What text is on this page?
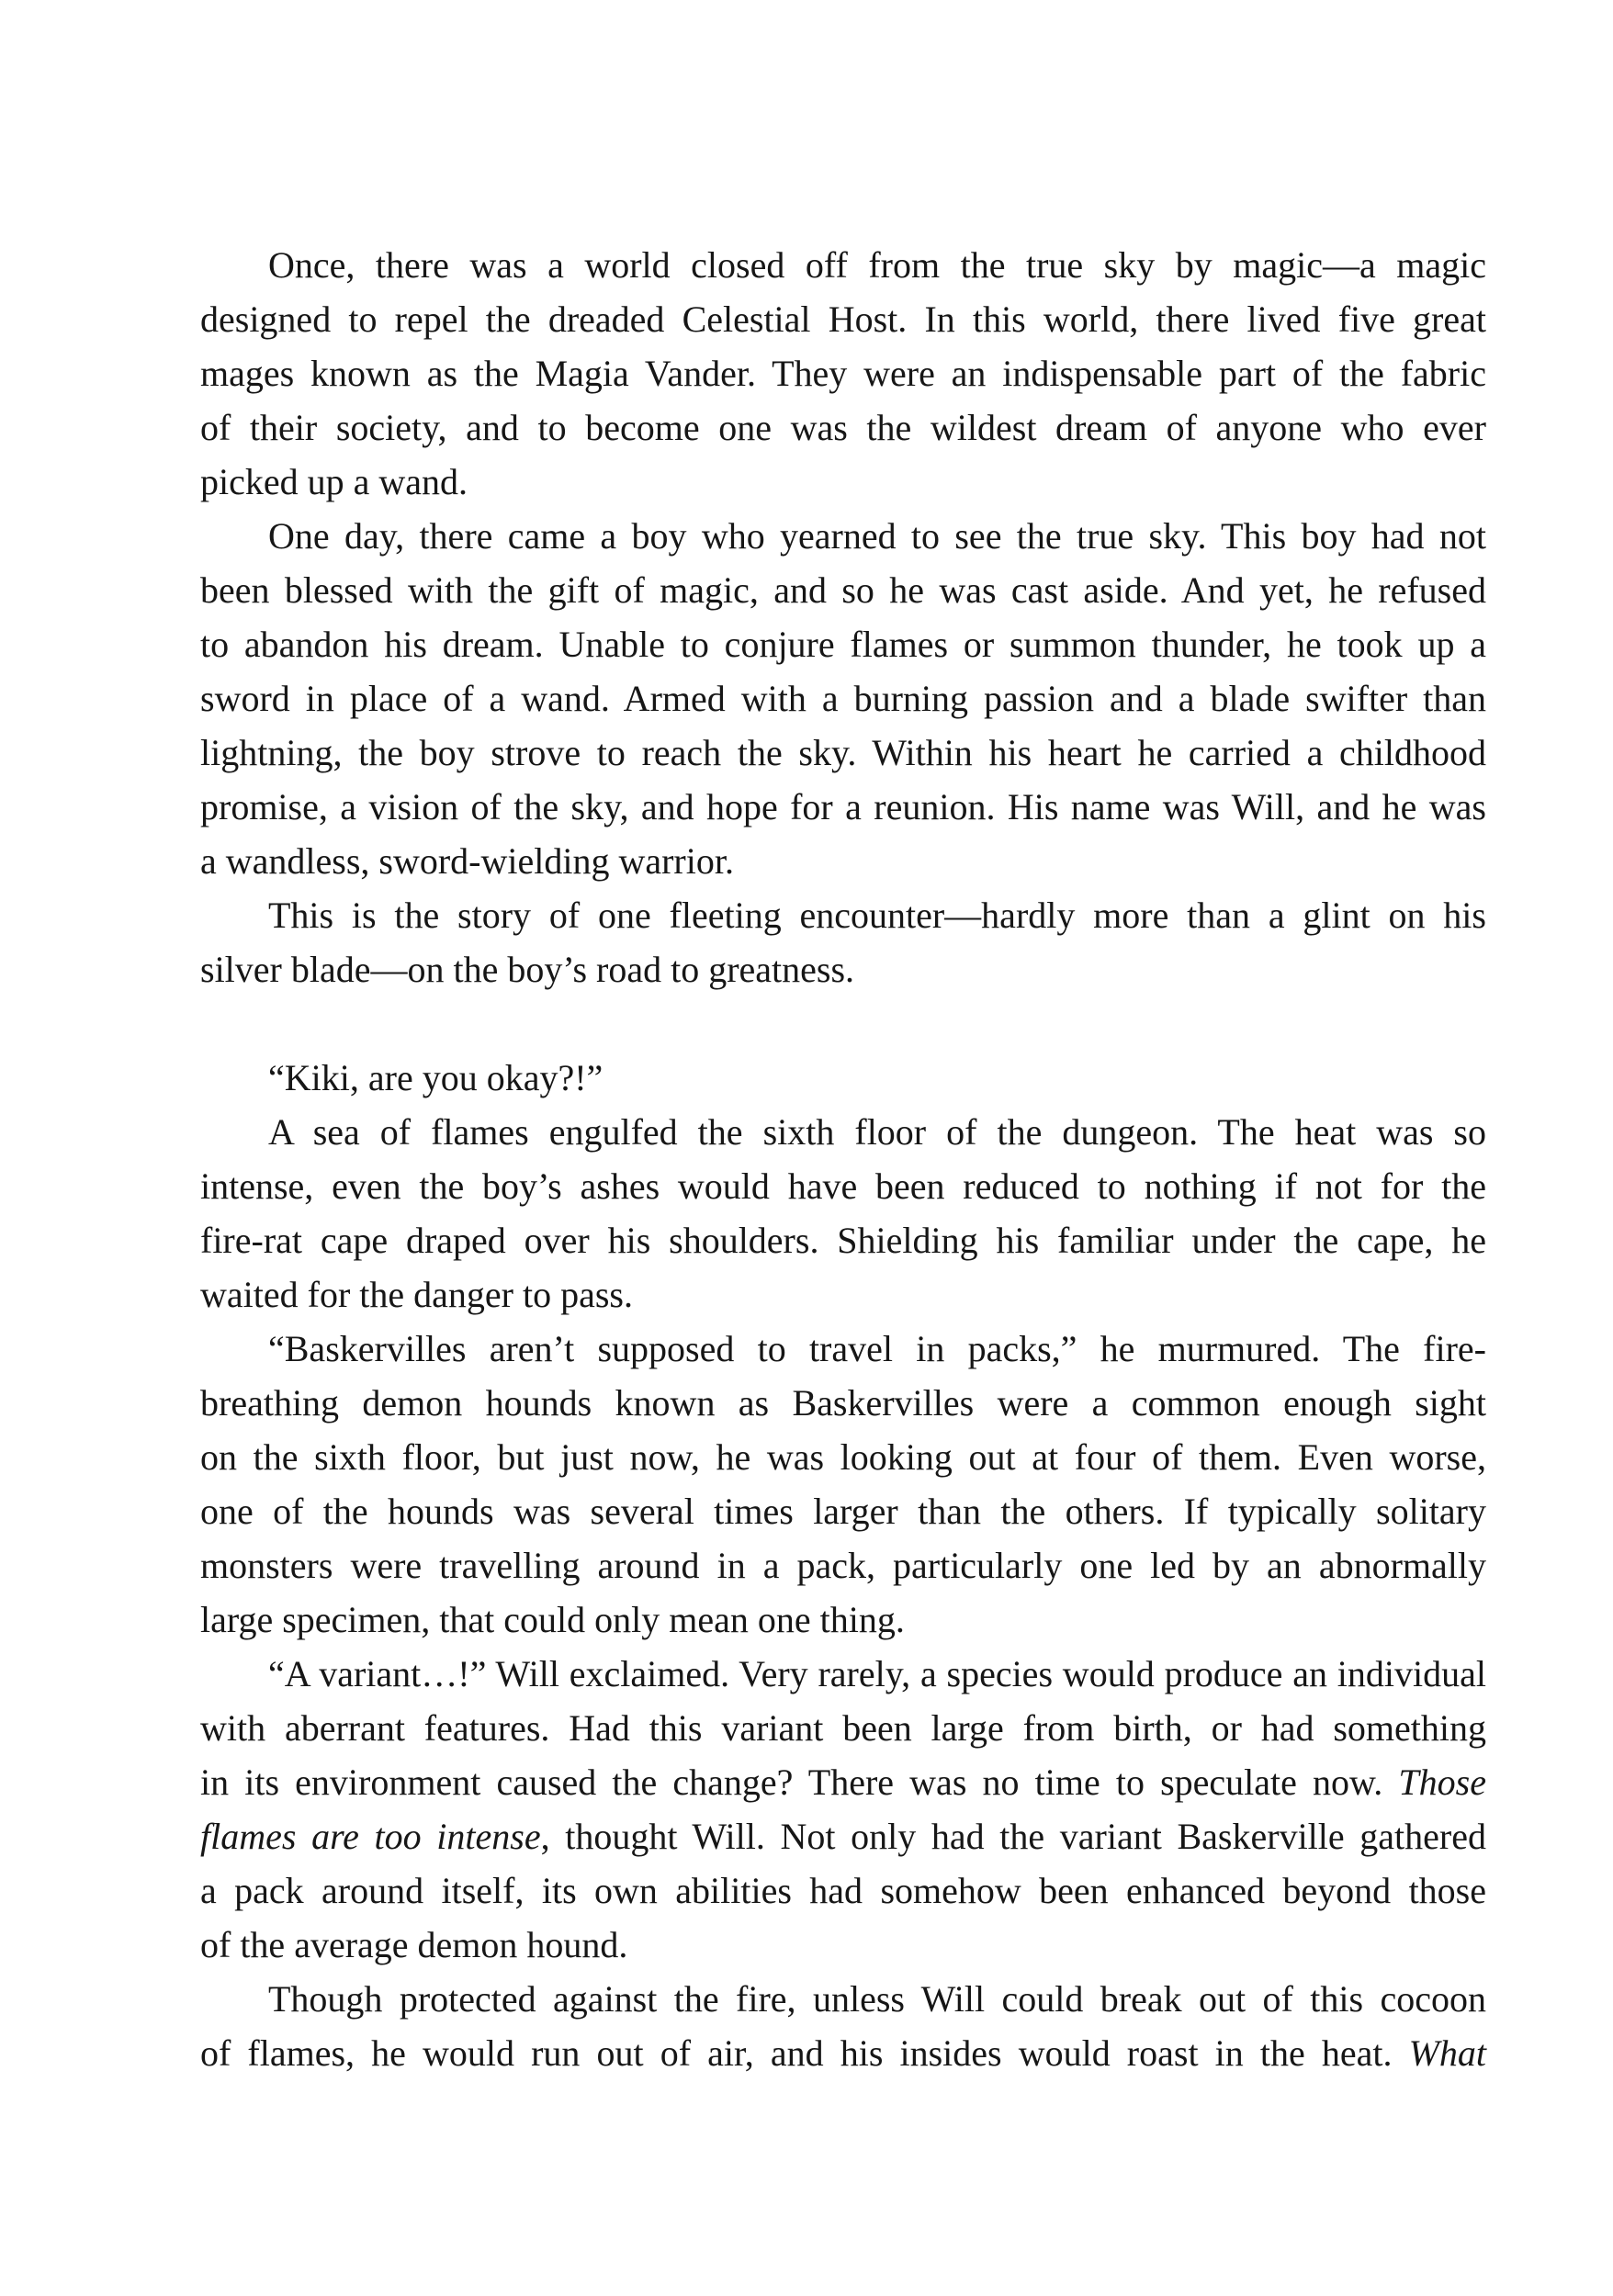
Once, there was a world closed off from the true sky by magic—a magic
designed to repel the dreaded Celestial Host. In this world, there lived five great
mages known as the Magia Vander. They were an indispensable part of the fabric
of their society, and to become one was the wildest dream of anyone who ever
picked up a wand.
One day, there came a boy who yearned to see the true sky. This boy had not
been blessed with the gift of magic, and so he was cast aside. And yet, he refused
to abandon his dream. Unable to conjure flames or summon thunder, he took up a
sword in place of a wand. Armed with a burning passion and a blade swifter than
lightning, the boy strove to reach the sky. Within his heart he carried a childhood
promise, a vision of the sky, and hope for a reunion. His name was Will, and he was
a wandless, sword-wielding warrior.
This is the story of one fleeting encounter—hardly more than a glint on his
silver blade—on the boy’s road to greatness.
“Kiki, are you okay?!”
A sea of flames engulfed the sixth floor of the dungeon. The heat was so
intense, even the boy’s ashes would have been reduced to nothing if not for the
fire-rat cape draped over his shoulders. Shielding his familiar under the cape, he
waited for the danger to pass.
“Baskervilles aren’t supposed to travel in packs,” he murmured. The fire-
breathing demon hounds known as Baskervilles were a common enough sight
on the sixth floor, but just now, he was looking out at four of them. Even worse,
one of the hounds was several times larger than the others. If typically solitary
monsters were travelling around in a pack, particularly one led by an abnormally
large specimen, that could only mean one thing.
“A variant…!” Will exclaimed. Very rarely, a species would produce an individual
with aberrant features. Had this variant been large from birth, or had something
in its environment caused the change? There was no time to speculate now. Those
flames are too intense, thought Will. Not only had the variant Baskerville gathered
a pack around itself, its own abilities had somehow been enhanced beyond those
of the average demon hound.
Though protected against the fire, unless Will could break out of this cocoon
of flames, he would run out of air, and his insides would roast in the heat. What
